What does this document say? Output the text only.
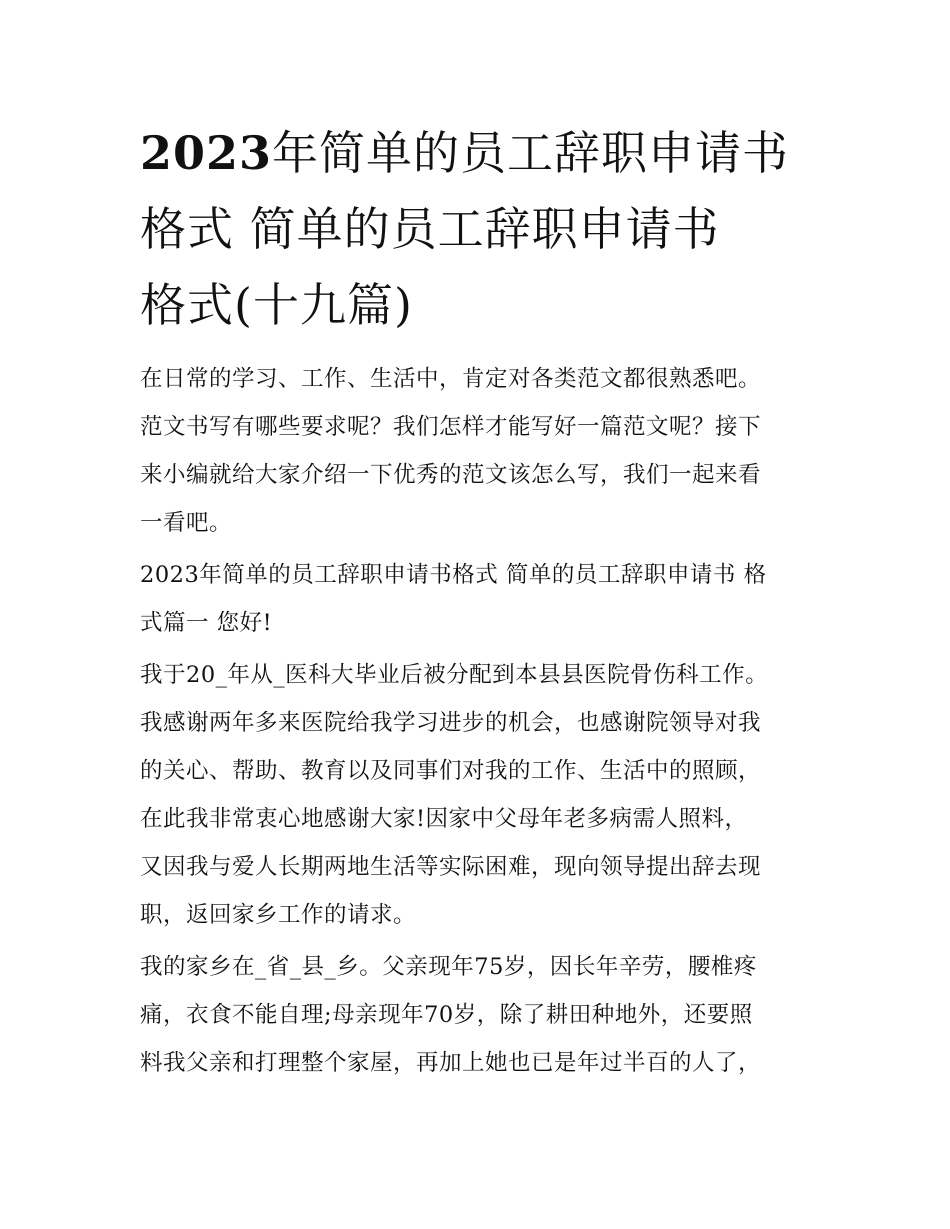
2023年简单的员工辞职申请书
格式 简单的员工辞职申请书
格式(十九篇)
在日常的学习、工作、生活中，肯定对各类范文都很熟悉吧。
范文书写有哪些要求呢？我们怎样才能写好一篇范文呢？接下
来小编就给大家介绍一下优秀的范文该怎么写，我们一起来看
一看吧。
2023年简单的员工辞职申请书格式 简单的员工辞职申请书 格
式篇一 您好!
我于20_年从_医科大毕业后被分配到本县县医院骨伤科工作。
我感谢两年多来医院给我学习进步的机会，也感谢院领导对我
的关心、帮助、教育以及同事们对我的工作、生活中的照顾，
在此我非常衷心地感谢大家!因家中父母年老多病需人照料，
又因我与爱人长期两地生活等实际困难，现向领导提出辞去现
职，返回家乡工作的请求。
我的家乡在_省_县_乡。父亲现年75岁，因长年辛劳，腰椎疼
痛，衣食不能自理;母亲现年70岁，除了耕田种地外，还要照
料我父亲和打理整个家屋，再加上她也已是年过半百的人了，
